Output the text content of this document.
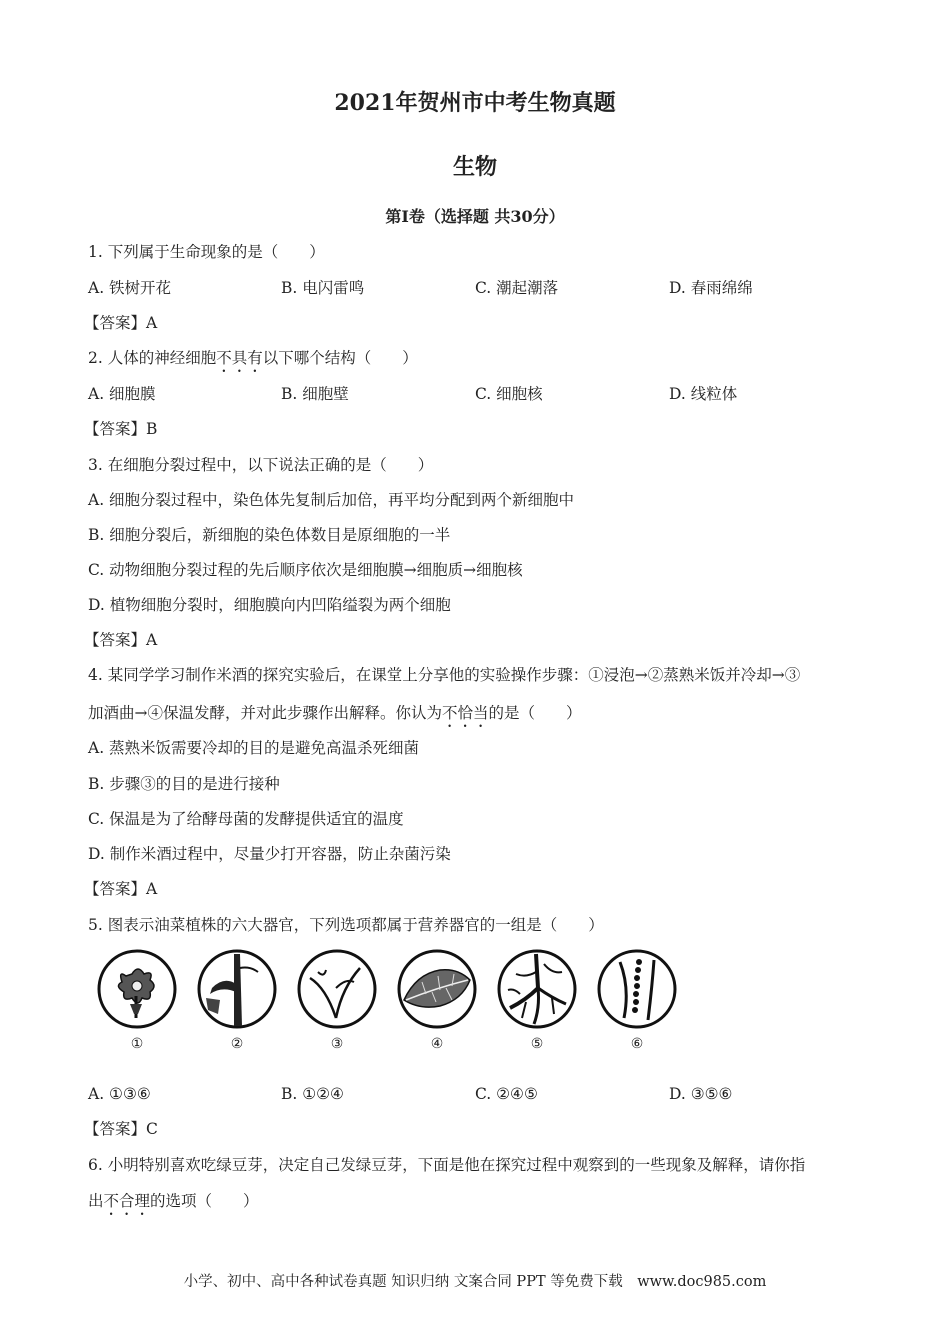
2021年贺州市中考生物真题
生物
第Ⅰ卷（选择题 共30分）
1. 下列属于生命现象的是（　　）
A. 铁树开花	B. 电闪雷鸣	C. 潮起潮落	D. 春雨绵绵
【答案】A
2. 人体的神经细胞不具有以下哪个结构（　　）
A. 细胞膜	B. 细胞壁	C. 细胞核	D. 线粒体
【答案】B
3. 在细胞分裂过程中，以下说法正确的是（　　）
A. 细胞分裂过程中，染色体先复制后加倍，再平均分配到两个新细胞中
B. 细胞分裂后，新细胞的染色体数目是原细胞的一半
C. 动物细胞分裂过程的先后顺序依次是细胞膜→细胞质→细胞核
D. 植物细胞分裂时，细胞膜向内凹陷缢裂为两个细胞
【答案】A
4. 某同学学习制作米酒的探究实验后，在课堂上分享他的实验操作步骤：①浸泡→②蒸熟米饭并冷却→③
加酒曲→④保温发酵，并对此步骤作出解释。你认为不恰当的是（　　）
A. 蒸熟米饭需要冷却的目的是避免高温杀死细菌
B. 步骤③的目的是进行接种
C. 保温是为了给酵母菌的发酵提供适宜的温度
D. 制作米酒过程中，尽量少打开容器，防止杂菌污染
【答案】A
5. 图表示油菜植株的六大器官，下列选项都属于营养器官的一组是（　　）
①	②	③	④	⑤	⑥
A. ①③⑥	B. ①②④	C. ②④⑤	D. ③⑤⑥
【答案】C
6. 小明特别喜欢吃绿豆芽，决定自己发绿豆芽，下面是他在探究过程中观察到的一些现象及解释，请你指
出不合理的选项（　　）
小学、初中、高中各种试卷真题 知识归纳 文案合同 PPT 等免费下载　www.doc985.com
